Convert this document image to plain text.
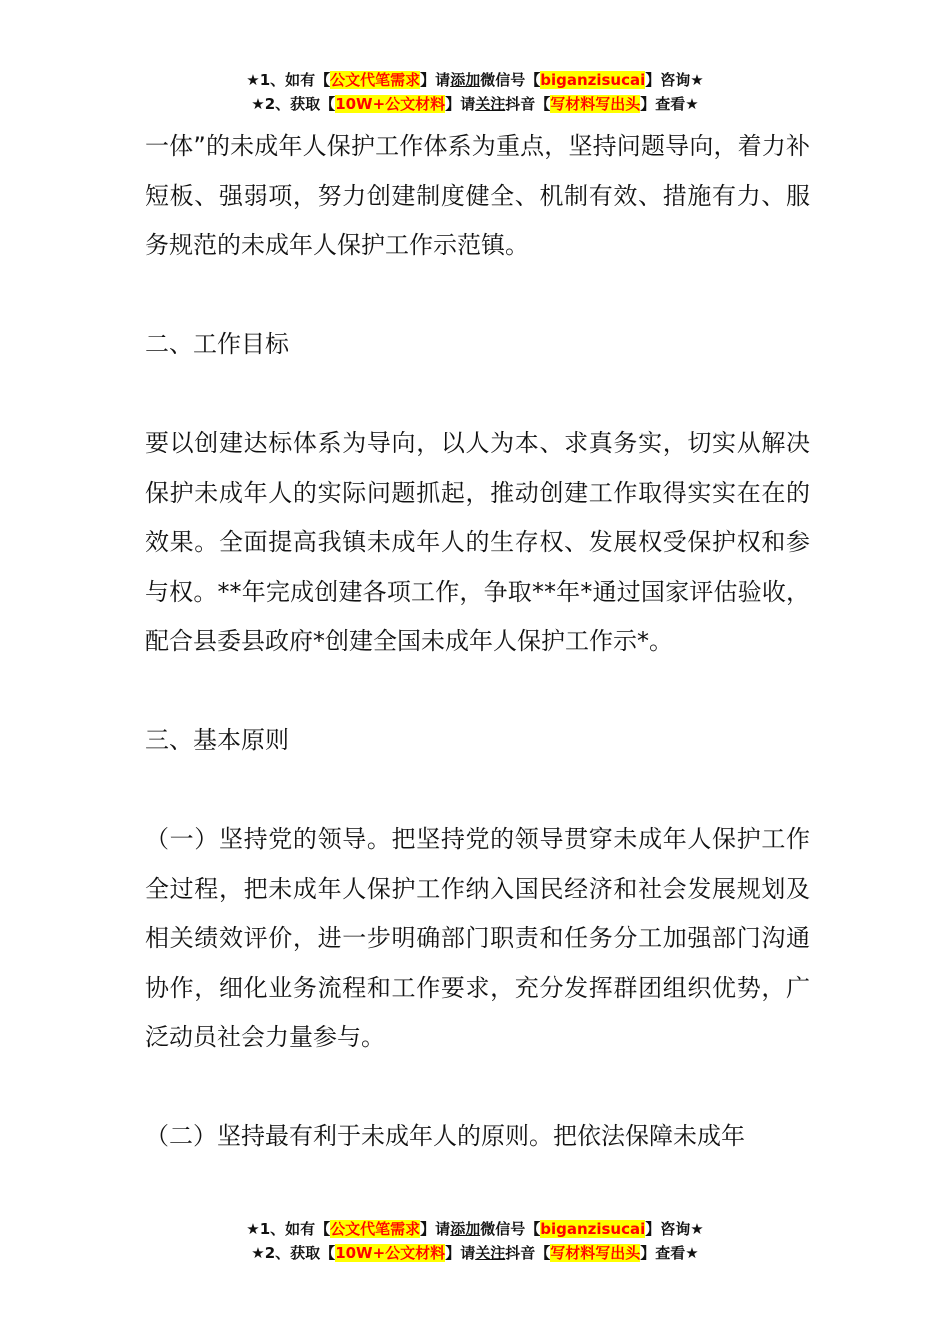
★1、如有【公文代笔需求】请添加微信号【biganzisucai】咨询★
★2、获取【10W+公文材料】请关注抖音【写材料写出头】查看★

一体”的未成年人保护工作体系为重点，坚持问题导向，着力补短板、强弱项，努力创建制度健全、机制有效、措施有力、服务规范的未成年人保护工作示范镇。

二、工作目标

要以创建达标体系为导向，以人为本、求真务实，切实从解决保护未成年人的实际问题抓起，推动创建工作取得实实在在的效果。全面提高我镇未成年人的生存权、发展权受保护权和参与权。**年完成创建各项工作，争取**年*通过国家评估验收，配合县委县政府*创建全国未成年人保护工作示*。

三、基本原则

（一）坚持党的领导。把坚持党的领导贯穿未成年人保护工作全过程，把未成年人保护工作纳入国民经济和社会发展规划及相关绩效评价，进一步明确部门职责和任务分工加强部门沟通协作，细化业务流程和工作要求，充分发挥群团组织优势，广泛动员社会力量参与。

（二）坚持最有利于未成年人的原则。把依法保障未成年

★1、如有【公文代笔需求】请添加微信号【biganzisucai】咨询★
★2、获取【10W+公文材料】请关注抖音【写材料写出头】查看★
